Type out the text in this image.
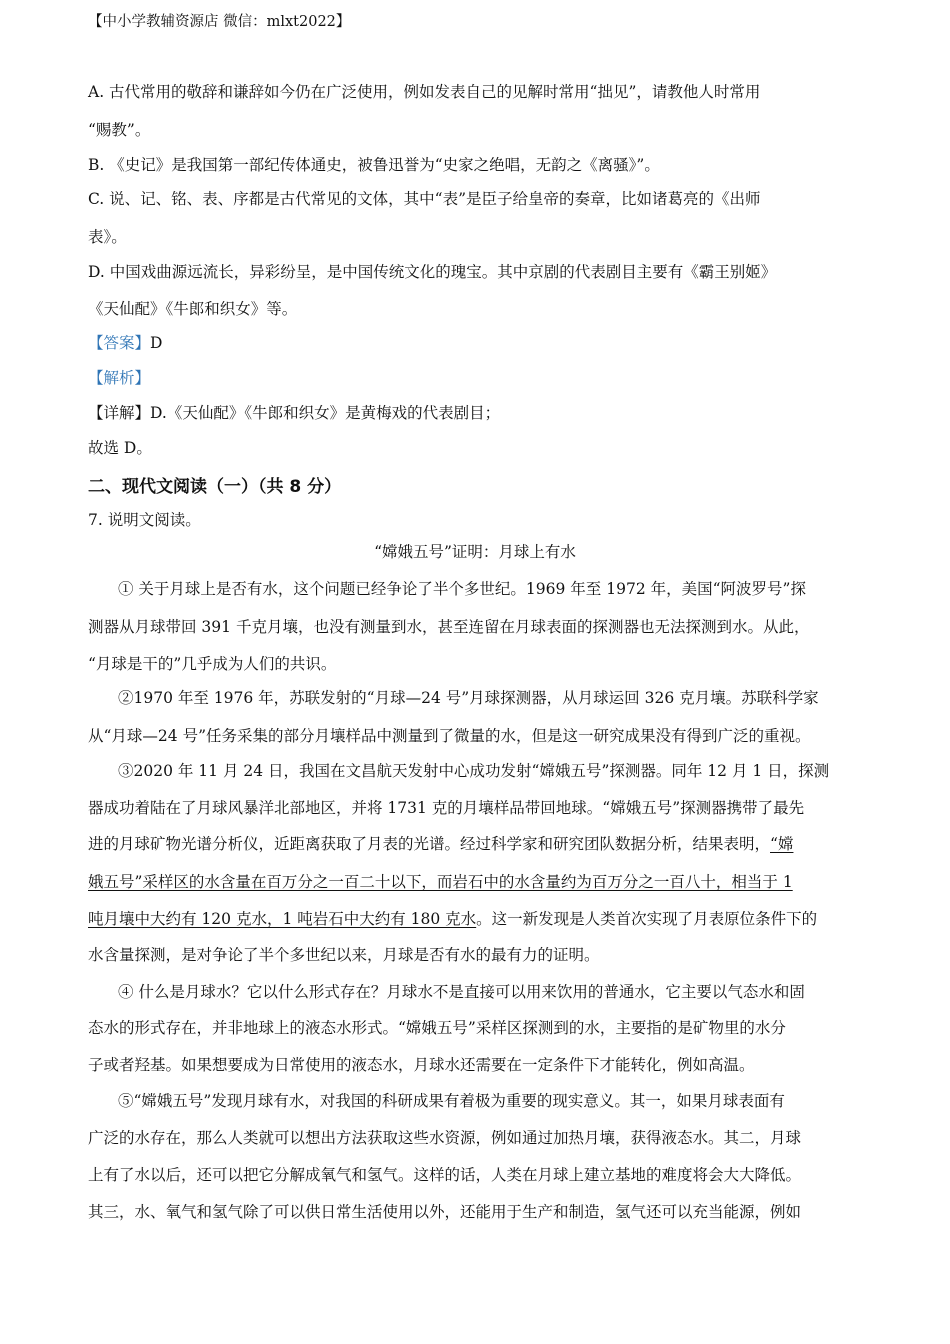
【中小学教辅资源店 微信：mlxt2022】
A. 古代常用的敬辞和谦辞如今仍在广泛使用，例如发表自己的见解时常用“拙见”，请教他人时常用
“赐教”。
B. 《史记》是我国第一部纪传体通史，被鲁迅誉为“史家之绝唱，无韵之《离骚》”。
C. 说、记、铭、表、序都是古代常见的文体，其中“表”是臣子给皇帝的奏章，比如诸葛亮的《出师
表》。
D. 中国戏曲源远流长，异彩纷呈，是中国传统文化的瑰宝。其中京剧的代表剧目主要有《霸王别姬》
《天仙配》《牛郎和织女》等。
【答案】D
【解析】
【详解】D.《天仙配》《牛郎和织女》是黄梅戏的代表剧目；
故选 D。
二、现代文阅读（一）（共 8 分）
7. 说明文阅读。
“嫦娥五号”证明：月球上有水
① 关于月球上是否有水，这个问题已经争论了半个多世纪。1969 年至 1972 年，美国“阿波罗号”探
测器从月球带回 391 千克月壤，也没有测量到水，甚至连留在月球表面的探测器也无法探测到水。从此，
“月球是干的”几乎成为人们的共识。
②1970 年至 1976 年，苏联发射的“月球—24 号”月球探测器，从月球运回 326 克月壤。苏联科学家
从“月球—24 号”任务采集的部分月壤样品中测量到了微量的水，但是这一研究成果没有得到广泛的重视。
③2020 年 11 月 24 日，我国在文昌航天发射中心成功发射“嫦娥五号”探测器。同年 12 月 1 日，探测
器成功着陆在了月球风暴洋北部地区，并将 1731 克的月壤样品带回地球。“嫦娥五号”探测器携带了最先
进的月球矿物光谱分析仪，近距离获取了月表的光谱。经过科学家和研究团队数据分析，结果表明，“嫦
娥五号”采样区的水含量在百万分之一百二十以下，而岩石中的水含量约为百万分之一百八十，相当于 1
吨月壤中大约有 120 克水，1 吨岩石中大约有 180 克水。这一新发现是人类首次实现了月表原位条件下的
水含量探测，是对争论了半个多世纪以来，月球是否有水的最有力的证明。
④ 什么是月球水？它以什么形式存在？月球水不是直接可以用来饮用的普通水，它主要以气态水和固
态水的形式存在，并非地球上的液态水形式。“嫦娥五号”采样区探测到的水，主要指的是矿物里的水分
子或者羟基。如果想要成为日常使用的液态水，月球水还需要在一定条件下才能转化，例如高温。
⑤“嫦娥五号”发现月球有水，对我国的科研成果有着极为重要的现实意义。其一，如果月球表面有
广泛的水存在，那么人类就可以想出方法获取这些水资源，例如通过加热月壤，获得液态水。其二，月球
上有了水以后，还可以把它分解成氧气和氢气。这样的话，人类在月球上建立基地的难度将会大大降低。
其三，水、氧气和氢气除了可以供日常生活使用以外，还能用于生产和制造，氢气还可以充当能源，例如
